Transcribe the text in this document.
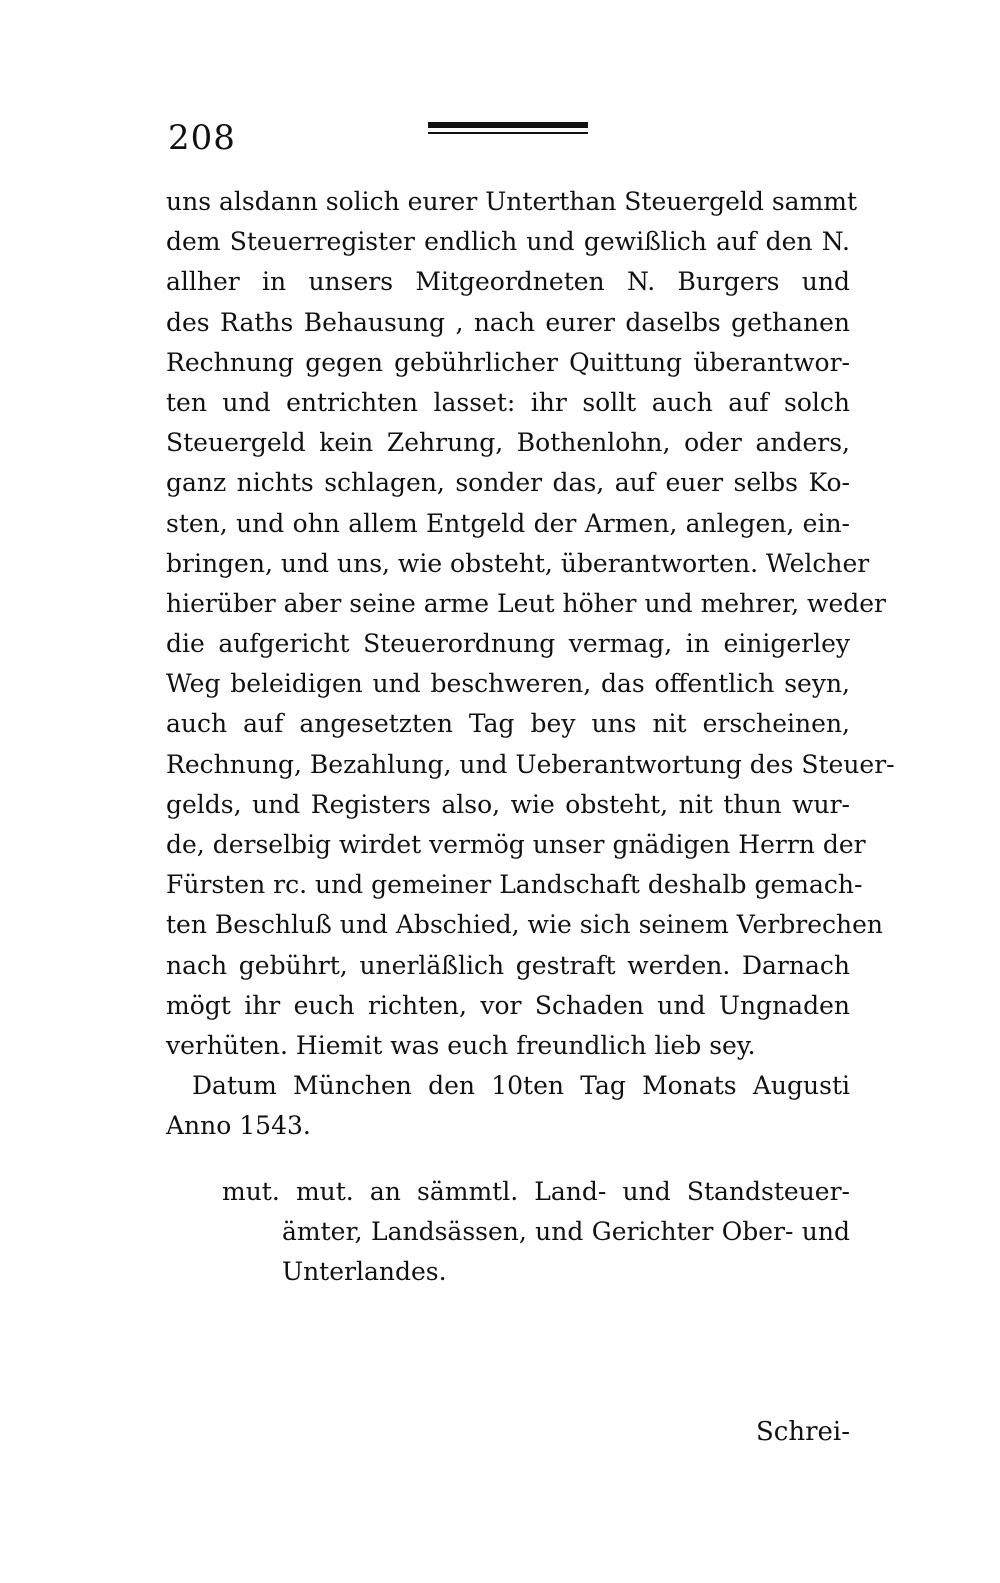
208
uns alsdann solich eurer Unterthan Steuergeld sammt
dem Steuerregister endlich und gewißlich auf den N.
allher in unsers Mitgeordneten N. Burgers und
des Raths Behausung , nach eurer daselbs gethanen
Rechnung gegen gebührlicher Quittung überantwor-
ten und entrichten lasset: ihr sollt auch auf solch
Steuergeld kein Zehrung, Bothenlohn, oder anders,
ganz nichts schlagen, sonder das, auf euer selbs Ko-
sten, und ohn allem Entgeld der Armen, anlegen, ein-
bringen, und uns, wie obsteht, überantworten. Welcher
hierüber aber seine arme Leut höher und mehrer, weder
die aufgericht Steuerordnung vermag, in einigerley
Weg beleidigen und beschweren, das offentlich seyn,
auch auf angesetzten Tag bey uns nit erscheinen,
Rechnung, Bezahlung, und Ueberantwortung des Steuer-
gelds, und Registers also, wie obsteht, nit thun wur-
de, derselbig wirdet vermög unser gnädigen Herrn der
Fürsten rc. und gemeiner Landschaft deshalb gemach-
ten Beschluß und Abschied, wie sich seinem Verbrechen
nach gebührt, unerläßlich gestraft werden. Darnach
mögt ihr euch richten, vor Schaden und Ungnaden
verhüten. Hiemit was euch freundlich lieb sey.
Datum München den 10ten Tag Monats Augusti
Anno 1543.
mut. mut. an sämmtl. Land- und Standsteuer-
ämter, Landsässen, und Gerichter Ober- und
Unterlandes.
Schrei-
